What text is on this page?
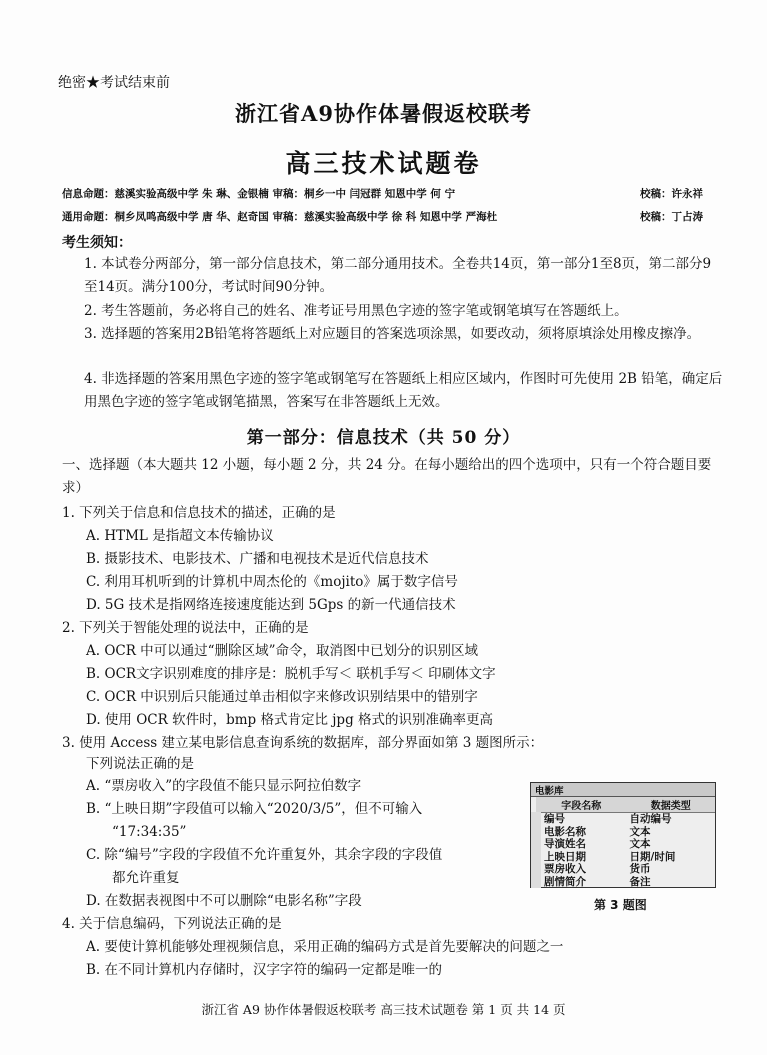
绝密★考试结束前
浙江省A9协作体暑假返校联考
高三技术试题卷
信息命题：慈溪实验高级中学 朱 琳、金银楠 审稿：桐乡一中 闫冠群 知恩中学 何 宁	校稿：许永祥
通用命题：桐乡凤鸣高级中学 唐 华、赵奇国 审稿：慈溪实验高级中学 徐 科 知恩中学 严海杜	校稿：丁占涛
考生须知：
1. 本试卷分两部分，第一部分信息技术，第二部分通用技术。全卷共14页，第一部分1至8页，第二部分9至14页。满分100分，考试时间90分钟。
2. 考生答题前，务必将自己的姓名、准考证号用黑色字迹的签字笔或钢笔填写在答题纸上。
3. 选择题的答案用2B铅笔将答题纸上对应题目的答案选项涂黑，如要改动，须将原填涂处用橡皮擦净。
4. 非选择题的答案用黑色字迹的签字笔或钢笔写在答题纸上相应区域内，作图时可先使用 2B 铅笔，确定后用黑色字迹的签字笔或钢笔描黑，答案写在非答题纸上无效。
第一部分：信息技术（共 50 分）
一、选择题（本大题共 12 小题，每小题 2 分，共 24 分。在每小题给出的四个选项中，只有一个符合题目要求）
1. 下列关于信息和信息技术的描述，正确的是
A. HTML 是指超文本传输协议
B. 摄影技术、电影技术、广播和电视技术是近代信息技术
C. 利用耳机听到的计算机中周杰伦的《mojito》属于数字信号
D. 5G 技术是指网络连接速度能达到 5Gps 的新一代通信技术
2. 下列关于智能处理的说法中，正确的是
A. OCR 中可以通过“删除区域”命令，取消图中已划分的识别区域
B. OCR文字识别难度的排序是：脱机手写＜ 联机手写＜ 印刷体文字
C. OCR 中识别后只能通过单击相似字来修改识别结果中的错别字
D. 使用 OCR 软件时，bmp 格式肯定比 jpg 格式的识别准确率更高
3. 使用 Access 建立某电影信息查询系统的数据库，部分界面如第 3 题图所示：
下列说法正确的是
A. “票房收入”的字段值不能只显示阿拉伯数字
B. “上映日期”字段值可以输入“2020/3/5”，但不可输入
“17:34:35”
C. 除“编号”字段的字段值不允许重复外，其余字段的字段值
都允许重复
D. 在数据表视图中不可以删除“电影名称”字段
电影库
字段名称	数据类型
编号	自动编号
电影名称	文本
导演姓名	文本
上映日期	日期/时间
票房收入	货币
剧情简介	备注
第 3 题图
4. 关于信息编码，下列说法正确的是
A. 要使计算机能够处理视频信息，采用正确的编码方式是首先要解决的问题之一
B. 在不同计算机内存储时，汉字字符的编码一定都是唯一的
浙江省 A9 协作体暑假返校联考 高三技术试题卷 第 1 页 共 14 页
